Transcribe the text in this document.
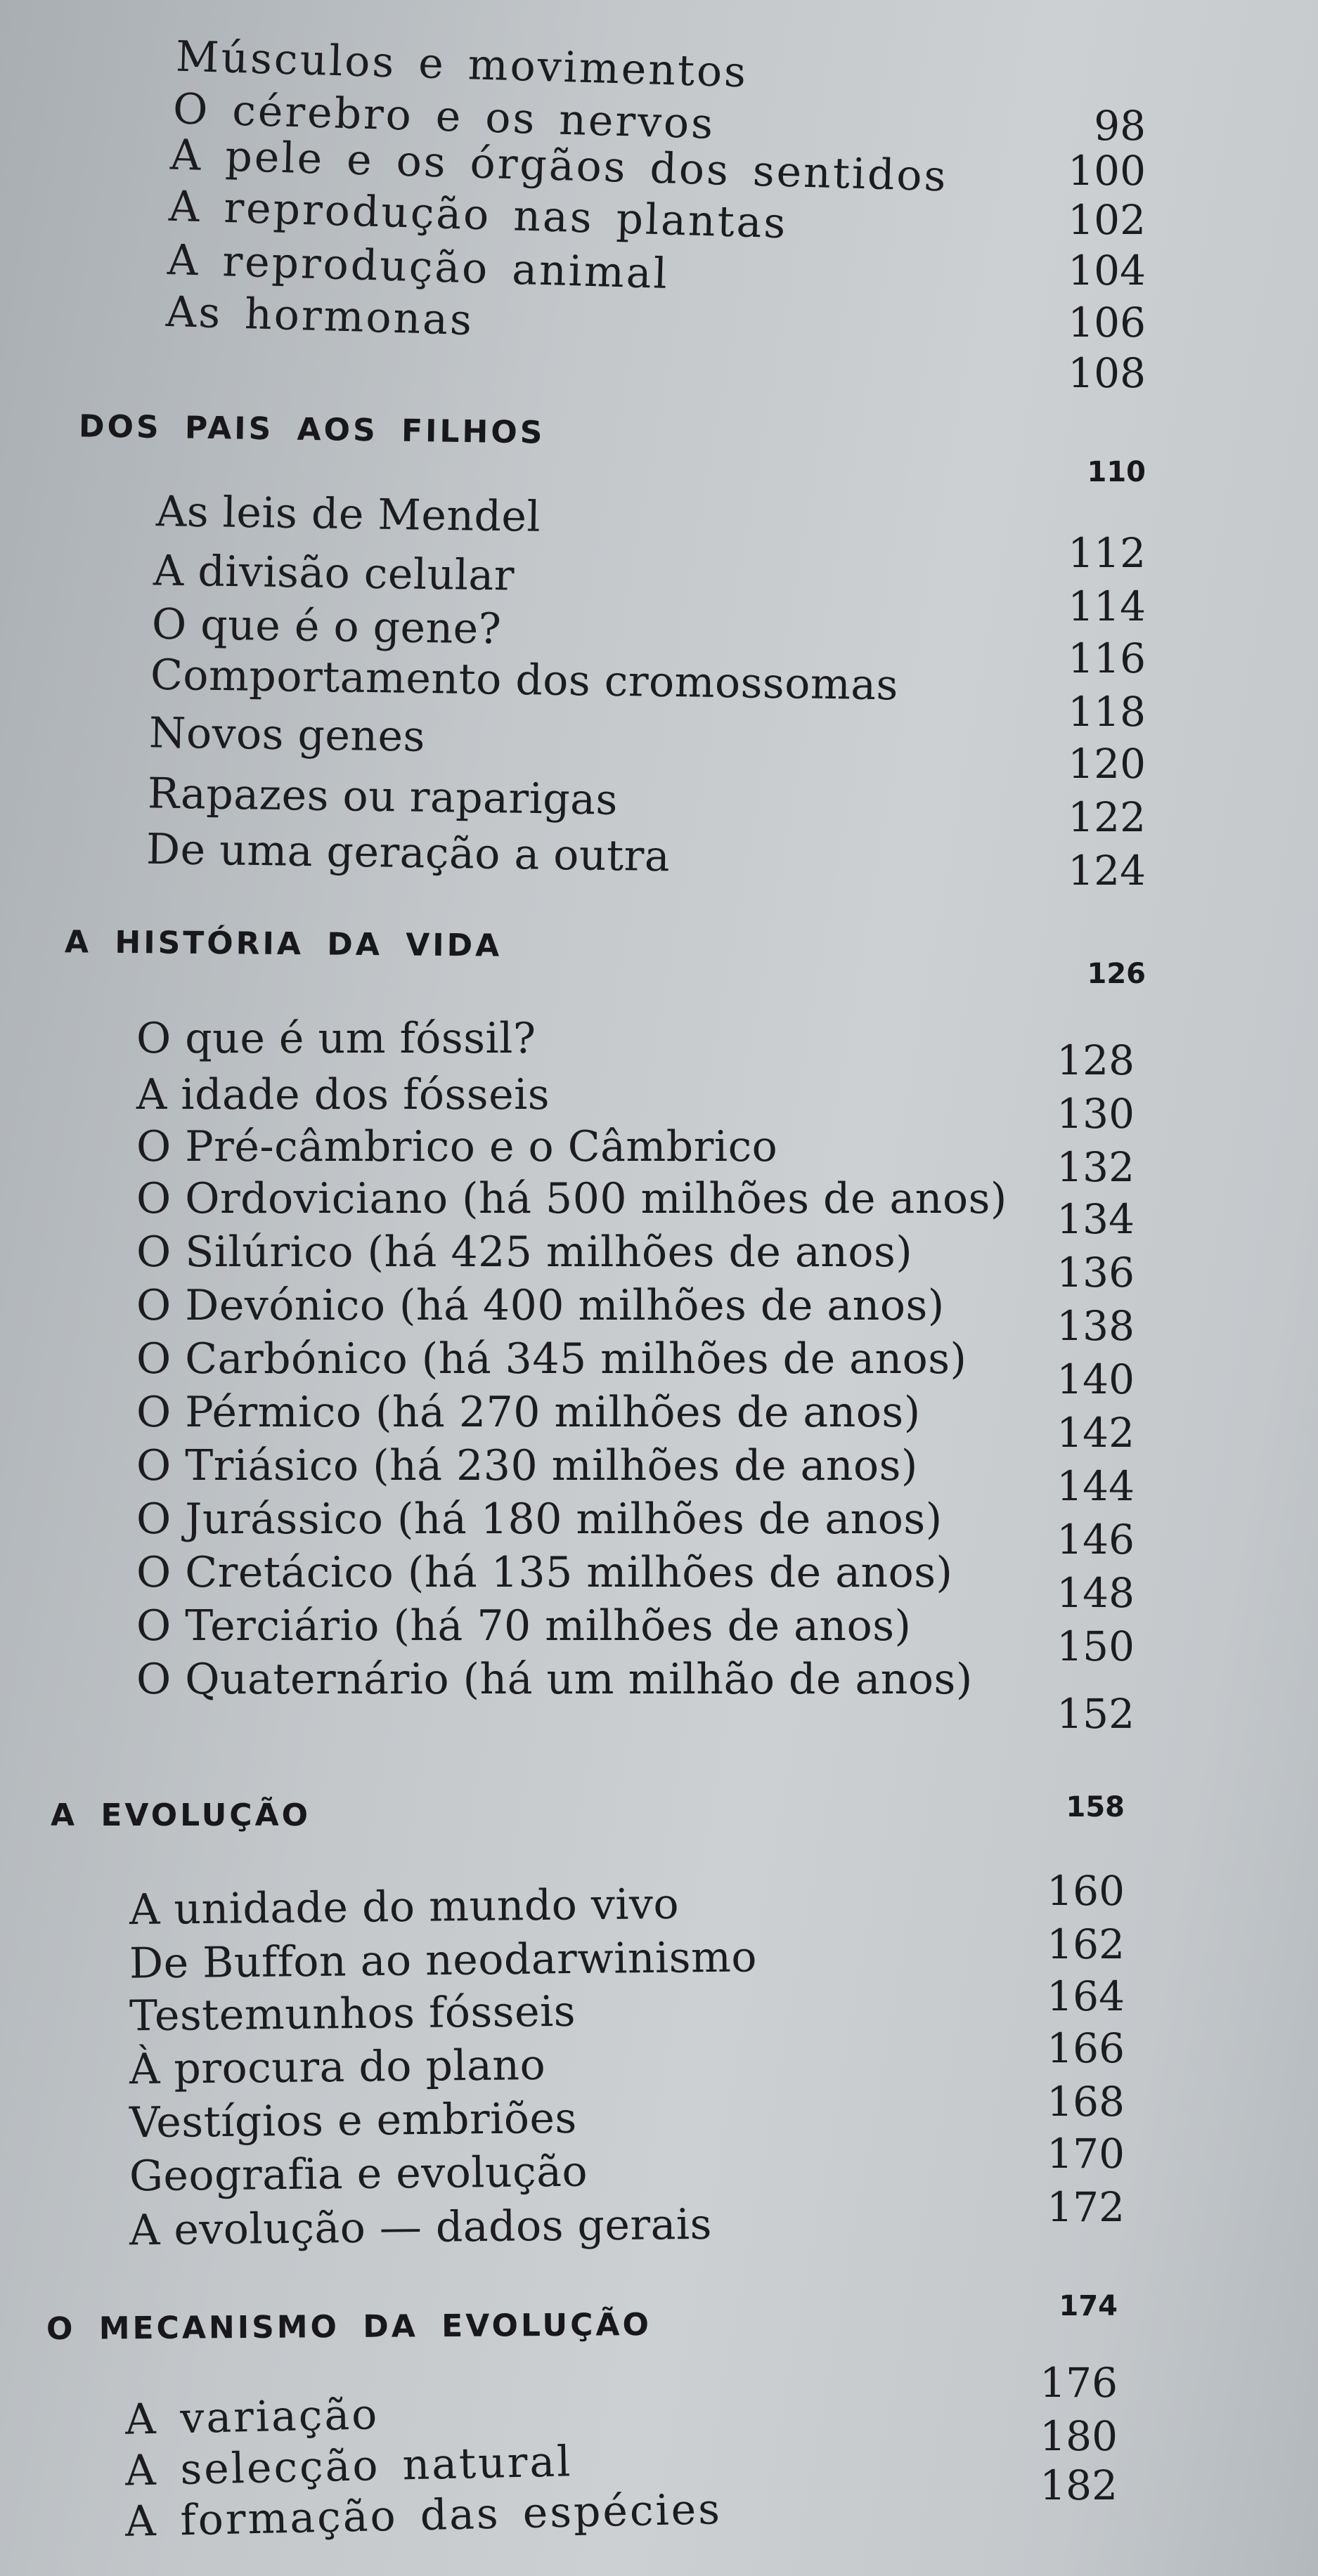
Músculos e movimentos
O cérebro e os nervos
A pele e os órgãos dos sentidos
A reprodução nas plantas
A reprodução animal
As hormonas
98
100
102
104
106
108
DOS PAIS AOS FILHOS
110
As leis de Mendel
A divisão celular
O que é o gene?
Comportamento dos cromossomas
Novos genes
Rapazes ou raparigas
De uma geração a outra
112
114
116
118
120
122
124
A HISTÓRIA DA VIDA
126
O que é um fóssil?
A idade dos fósseis
O Pré-câmbrico e o Câmbrico
O Ordoviciano (há 500 milhões de anos)
O Silúrico (há 425 milhões de anos)
O Devónico (há 400 milhões de anos)
O Carbónico (há 345 milhões de anos)
O Pérmico (há 270 milhões de anos)
O Triásico (há 230 milhões de anos)
O Jurássico (há 180 milhões de anos)
O Cretácico (há 135 milhões de anos)
O Terciário (há 70 milhões de anos)
O Quaternário (há um milhão de anos)
128
130
132
134
136
138
140
142
144
146
148
150
152
A EVOLUÇÃO	158
A unidade do mundo vivo
De Buffon ao neodarwinismo
Testemunhos fósseis
À procura do plano
Vestígios e embriões
Geografia e evolução
A evolução — dados gerais
160
162
164
166
168
170
172
O MECANISMO DA EVOLUÇÃO
174
A variação
A selecção natural
A formação das espécies
176
180
182
